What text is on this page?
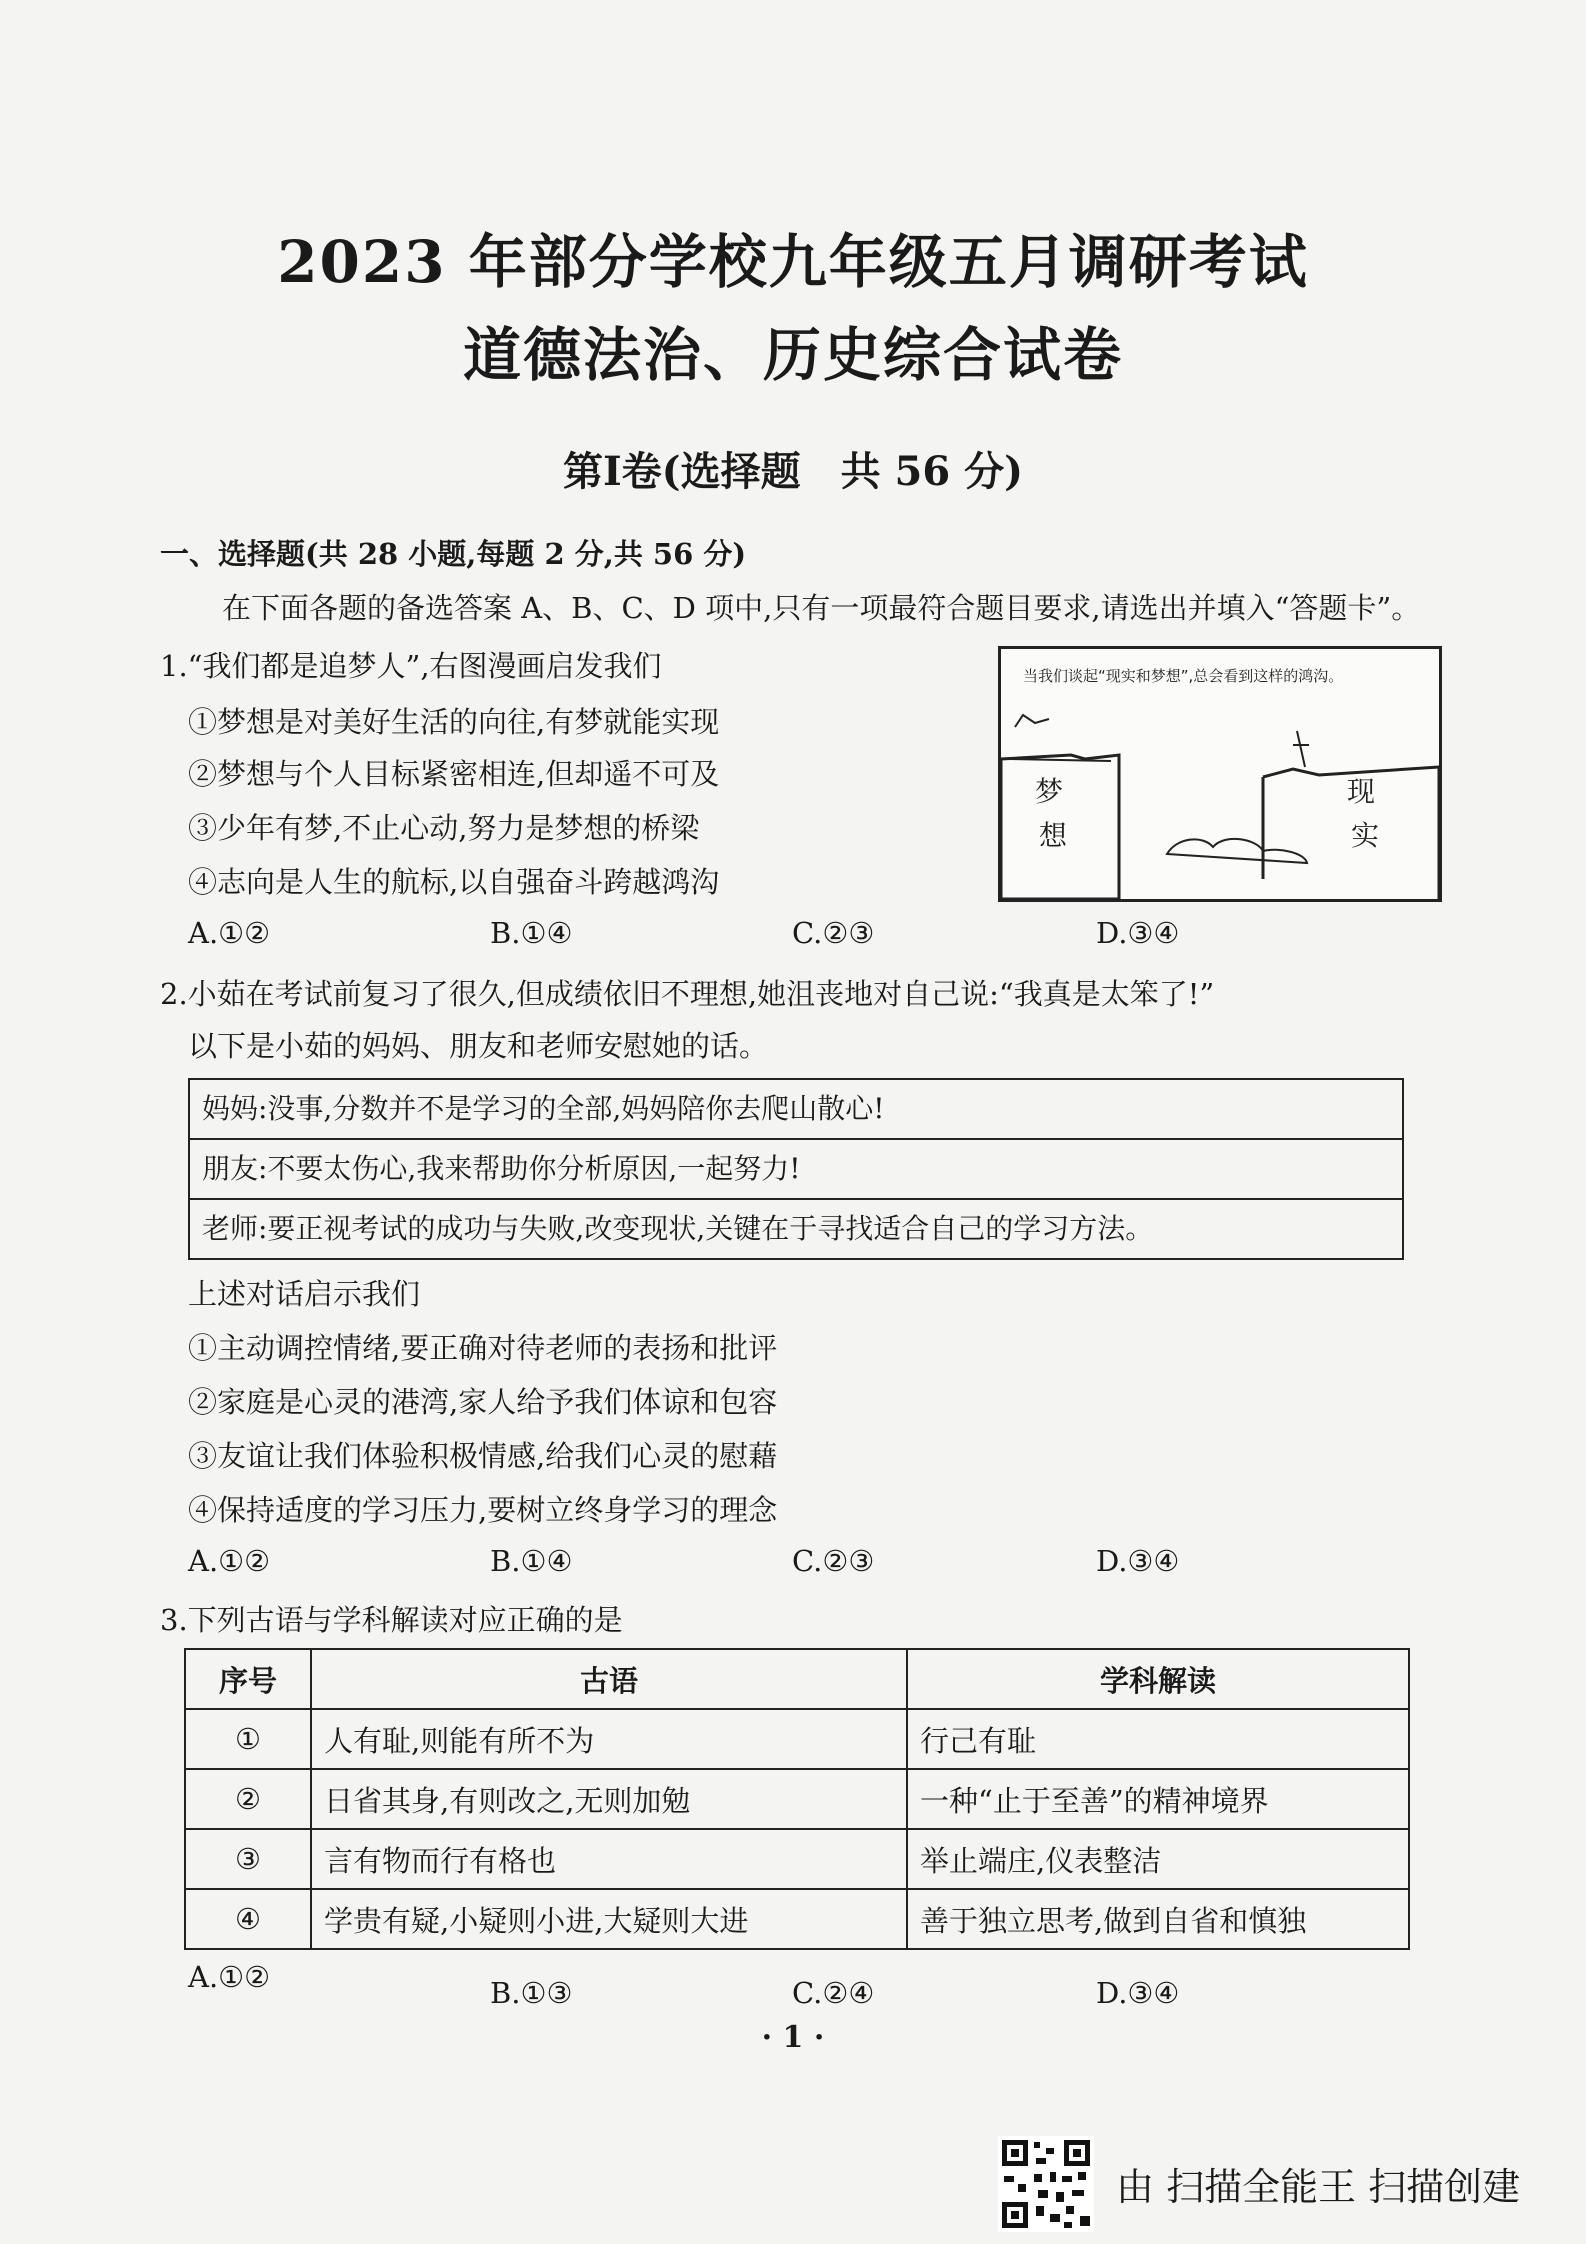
2023 年部分学校九年级五月调研考试
道德法治、历史综合试卷
第Ⅰ卷(选择题　共 56 分)
一、选择题(共 28 小题,每题 2 分,共 56 分)
在下面各题的备选答案 A、B、C、D 项中,只有一项最符合题目要求,请选出并填入“答题卡”。
1.“我们都是追梦人”,右图漫画启发我们
①梦想是对美好生活的向往,有梦就能实现
②梦想与个人目标紧密相连,但却遥不可及
③少年有梦,不止心动,努力是梦想的桥梁
④志向是人生的航标,以自强奋斗跨越鸿沟
A.①②	B.①④	C.②③	D.③④
当我们谈起“现实和梦想”,总会看到这样的鸿沟。
梦
想
现
实
2.小茹在考试前复习了很久,但成绩依旧不理想,她沮丧地对自己说:“我真是太笨了!”
以下是小茹的妈妈、朋友和老师安慰她的话。
妈妈:没事,分数并不是学习的全部,妈妈陪你去爬山散心!
朋友:不要太伤心,我来帮助你分析原因,一起努力!
老师:要正视考试的成功与失败,改变现状,关键在于寻找适合自己的学习方法。
上述对话启示我们
①主动调控情绪,要正确对待老师的表扬和批评
②家庭是心灵的港湾,家人给予我们体谅和包容
③友谊让我们体验积极情感,给我们心灵的慰藉
④保持适度的学习压力,要树立终身学习的理念
A.①②	B.①④	C.②③	D.③④
3.下列古语与学科解读对应正确的是
序号	古语	学科解读
①	人有耻,则能有所不为	行己有耻
②	日省其身,有则改之,无则加勉	一种“止于至善”的精神境界
③	言有物而行有格也	举止端庄,仪表整洁
④	学贵有疑,小疑则小进,大疑则大进	善于独立思考,做到自省和慎独
A.①②	B.①③	C.②④	D.③④
· 1 ·
由 扫描全能王 扫描创建
